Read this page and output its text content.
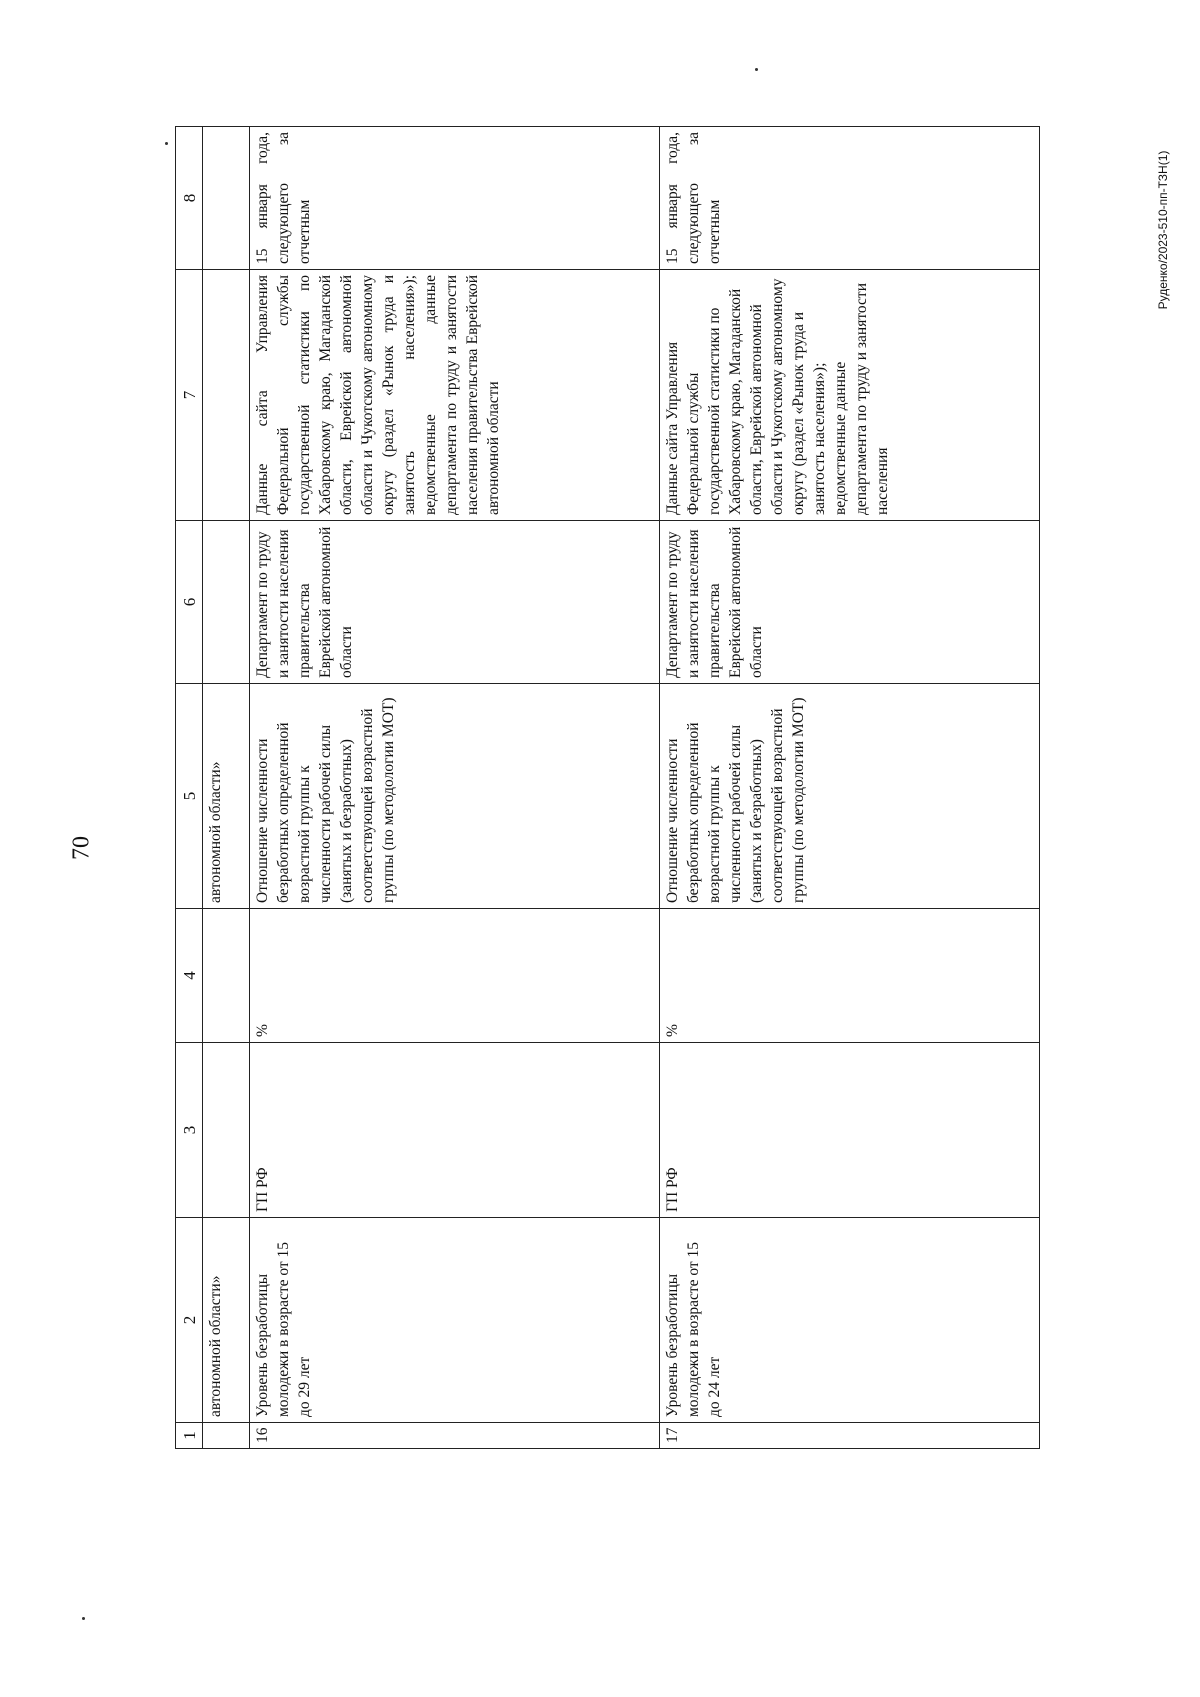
70
Руденко/2023-510-пп-ТЗН(1)
1	2	3	4	5	6	7	8
	автономной области»			автономной области»			
16	Уровень безработицы молодежи в возрасте от 15 до 29 лет	ГП РФ	%	Отношение численности безработных определенной возрастной группы к численности рабочей силы (занятых и безработных) соответствующей возрастной группы (по методологии МОТ)	Департамент по труду и занятости населения правительства Еврейской автономной области	Данные сайта Управления Федеральной службы государственной статистики по Хабаровскому краю, Магаданской области, Еврейской автономной области и Чукотскому автономному округу (раздел «Рынок труда и занятость населения»); ведомственные данные департамента по труду и занятости населения правительства Еврейской автономной области	15 января года, следующего за отчетным
17	Уровень безработицы молодежи в возрасте от 15 до 24 лет	ГП РФ	%	Отношение численности безработных определенной возрастной группы к численности рабочей силы (занятых и безработных) соответствующей возрастной группы (по методологии МОТ)	Департамент по труду и занятости населения правительства Еврейской автономной области	Данные сайта Управления Федеральной службы государственной статистики по Хабаровскому краю, Магаданской области, Еврейской автономной области и Чукотскому автономному округу (раздел «Рынок труда и занятость населения»); ведомственные данные департамента по труду и занятости населения	15 января года, следующего за отчетным
